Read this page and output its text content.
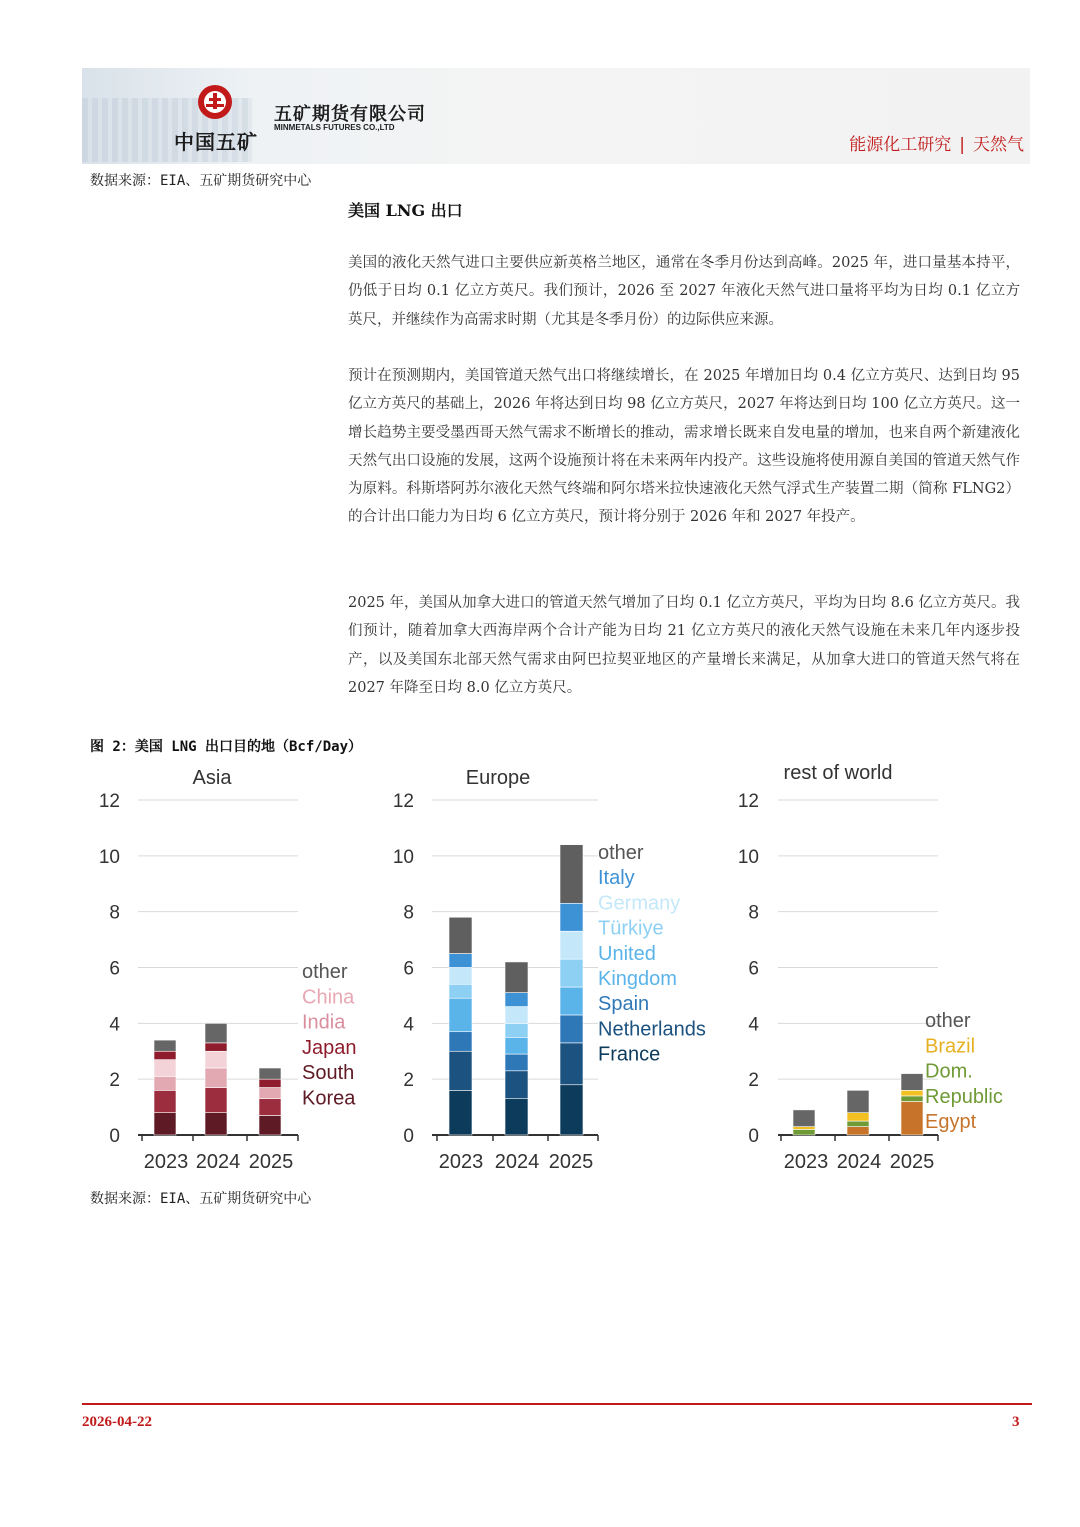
中国五矿
五矿期货有限公司
MINMETALS FUTURES CO.,LTD
能源化工研究 | 天然气
数据来源：EIA、五矿期货研究中心
美国 LNG 出口

美国的液化天然气进口主要供应新英格兰地区，通常在冬季月份达到高峰。2025 年，进口量基本持平，仍低于日均 0.1 亿立方英尺。我们预计，2026 至 2027 年液化天然气进口量将平均为日均 0.1 亿立方英尺，并继续作为高需求时期（尤其是冬季月份）的边际供应来源。

预计在预测期内，美国管道天然气出口将继续增长，在 2025 年增加日均 0.4 亿立方英尺、达到日均 95 亿立方英尺的基础上，2026 年将达到日均 98 亿立方英尺，2027 年将达到日均 100 亿立方英尺。这一增长趋势主要受墨西哥天然气需求不断增长的推动，需求增长既来自发电量的增加，也来自两个新建液化天然气出口设施的发展，这两个设施预计将在未来两年内投产。这些设施将使用源自美国的管道天然气作为原料。科斯塔阿苏尔液化天然气终端和阿尔塔米拉快速液化天然气浮式生产装置二期（简称 FLNG2）的合计出口能力为日均 6 亿立方英尺，预计将分别于 2026 年和 2027 年投产。

2025 年，美国从加拿大进口的管道天然气增加了日均 0.1 亿立方英尺，平均为日均 8.6 亿立方英尺。我们预计，随着加拿大西海岸两个合计产能为日均 21 亿立方英尺的液化天然气设施在未来几年内逐步投产，以及美国东北部天然气需求由阿巴拉契亚地区的产量增长来满足，从加拿大进口的管道天然气将在 2027 年降至日均 8.0 亿立方英尺。

图 2：美国 LNG 出口目的地（Bcf/Day）
Asia
0
2
4
6
8
10
12
2023 2024 2025
other
China
India
Japan
South
Korea
Europe
0
2
4
6
8
10
12
2023 2024 2025
other
Italy
Germany
Türkiye
United
Kingdom
Spain
Netherlands
France
rest of world
0
2
4
6
8
10
12
2023 2024 2025
other
Brazil
Dom.
Republic
Egypt
数据来源：EIA、五矿期货研究中心
2026-04-22	3
